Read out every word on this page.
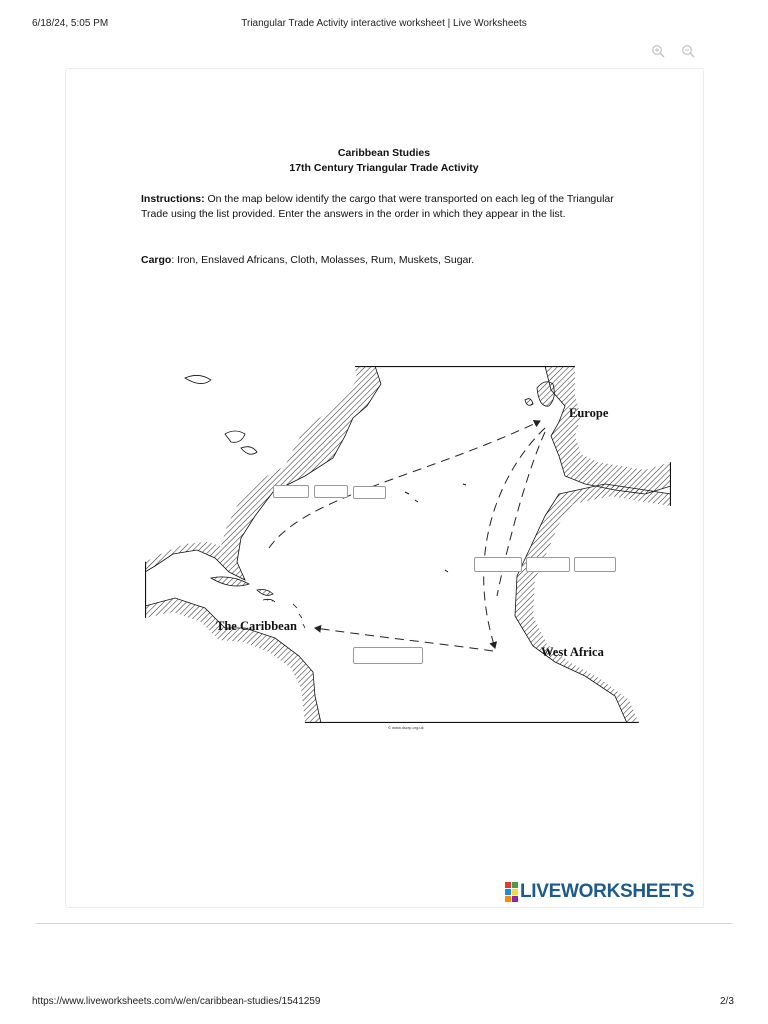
6/18/24, 5:05 PM	Triangular Trade Activity interactive worksheet | Live Worksheets
Caribbean Studies
17th Century Triangular Trade Activity
Instructions: On the map below identify the cargo that were transported on each leg of the Triangular Trade using the list provided. Enter the answers in the order in which they appear in the list.
Cargo: Iron, Enslaved Africans, Cloth, Molasses, Rum, Muskets, Sugar.
Europe
The Caribbean
West Africa
© www.dscrp.org.uk
LIVEWORKSHEETS
https://www.liveworksheets.com/w/en/caribbean-studies/1541259	2/3
